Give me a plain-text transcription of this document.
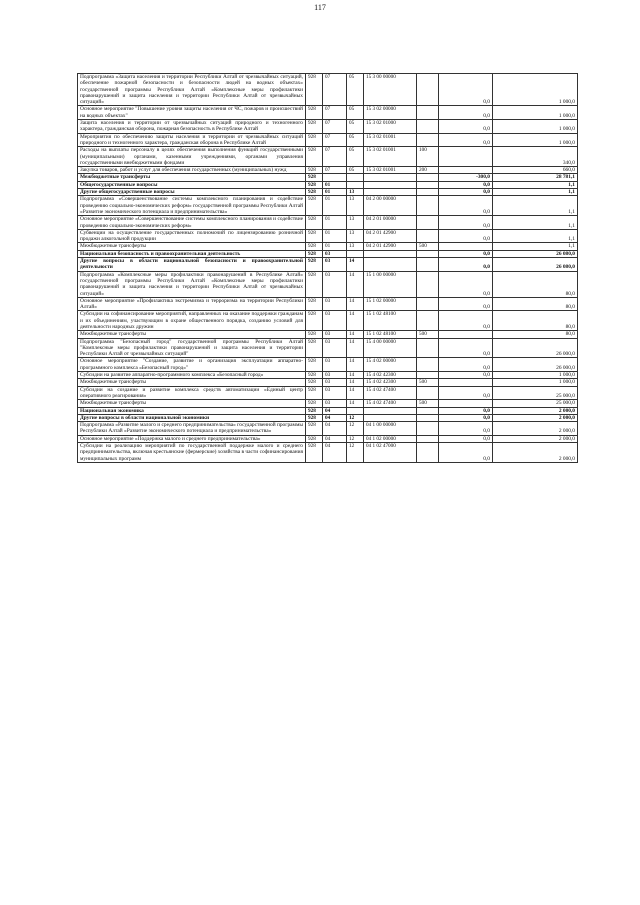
117
Подпрограмма «Защита населения и территории Республики Алтай от чрезвычайных ситуаций, обеспечение пожарной безопасности и безопасности людей на водных объектах» государственной программы Республики Алтай «Комплексные меры профилактики правонарушений и защита населения и территории Республики Алтай от чрезвычайных ситуаций»	928	07	05	15 3 00 00000		0,0	1 000,0
Основное мероприятие "Повышение уровня защиты населения от ЧС, пожаров и происшествий на водных объектах"	928	07	05	15 3 02 00000		0,0	1 000,0
Защита населения и территории от чрезвычайных ситуаций природного и техногенного характера, гражданская оборона, пожарная безопасность в Республике Алтай	928	07	05	15 3 02 01000		0,0	1 000,0
Мероприятия по обеспечению защиты населения и территории от чрезвычайных ситуаций природного и техногенного характера, гражданская оборона в Республике Алтай	928	07	05	15 3 02 01001		0,0	1 000,0
Расходы на выплаты персоналу в целях обеспечения выполнения функций государственными (муниципальными) органами, казенными учреждениями, органами управления государственными внебюджетными фондами	928	07	05	15 3 02 01001	100		340,0
Закупка товаров, работ и услуг для обеспечения государственных (муниципальных) нужд	928	07	05	15 3 02 01001	200		660,0
Межбюджетные трансферты	928					-300,0	28 781,1
Общегосударственные вопросы	928	01				0,0	1,1
Другие общегосударственные вопросы	928	01	13			0,0	1,1
Подпрограмма «Совершенствование системы комплексного планирования и содействие проведению социально-экономических реформ» государственной программы Республики Алтай «Развитие экономического потенциала и предпринимательства»	928	01	13	04 2 00 00000		0,0	1,1
Основное мероприятие «Совершенствование системы комплексного планирования и содействие проведению социально-экономических реформ»	928	01	13	04 2 01 00000		0,0	1,1
Субвенции на осуществление государственных полномочий по лицензированию розничной продажи алкогольной продукции	928	01	13	04 2 01 42900		0,0	1,1
Межбюджетные трансферты	928	01	13	04 2 01 42900	500		1,1
Национальная безопасность и правоохранительная деятельность	928	03				0,0	26 080,0
Другие вопросы в области национальной безопасности и правоохранительной деятельности	928	03	14			0,0	26 080,0
Подпрограмма «Комплексные меры профилактики правонарушений в Республике Алтай» государственной программы Республики Алтай «Комплексные меры профилактики правонарушений и защита населения и территории Республики Алтай от чрезвычайных ситуаций»	928	03	14	15 1 00 00000		0,0	80,0
Основное мероприятие «Профилактика экстремизма и терроризма на территории Республики Алтай»	928	03	14	15 1 02 00000		0,0	80,0
Субсидии на софинансирование мероприятий, направленных на оказание поддержки гражданам и их объединениям, участвующим в охране общественного порядка, созданию условий для деятельности народных дружин	928	03	14	15 1 02 48100		0,0	80,0
Межбюджетные трансферты	928	03	14	15 1 02 48100	500		80,0
Подпрограмма "Безопасный город" государственной программы Республики Алтай "Комплексные меры профилактики правонарушений и защита населения и территории Республики Алтай от чрезвычайных ситуаций"	928	03	14	15 4 00 00000		0,0	26 000,0
Основное мероприятие "Создание, развитие и организация эксплуатации аппаратно-программного комплекса «Безопасный город»"	928	03	14	15 4 02 00000		0,0	26 000,0
Субсидии на развитие аппаратно-программного комплекса «Безопасный город»	928	03	14	15 4 02 42300		0,0	1 000,0
Межбюджетные трансферты	928	03	14	15 4 02 42300	500		1 000,0
Субсидии на создание и развитие комплекса средств автоматизации «Единый центр оперативного реагирования»	928	03	14	15 4 02 47400		0,0	25 000,0
Межбюджетные трансферты	928	03	14	15 4 02 47400	500		25 000,0
Национальная экономика	928	04				0,0	2 000,0
Другие вопросы в области национальной экономики	928	04	12			0,0	2 000,0
Подпрограмма «Развитие малого и среднего предпринимательства» государственной программы Республики Алтай «Развитие экономического потенциала и предпринимательства»	928	04	12	04 1 00 00000		0,0	2 000,0
Основное мероприятие «Поддержка малого и среднего предпринимательства»	928	04	12	04 1 02 00000		0,0	2 000,0
Субсидии на реализацию мероприятий по государственной поддержке малого и среднего предпринимательства, включая крестьянские (фермерские) хозяйства в части софинансирования муниципальных программ	928	04	12	04 1 02 47000		0,0	2 000,0
